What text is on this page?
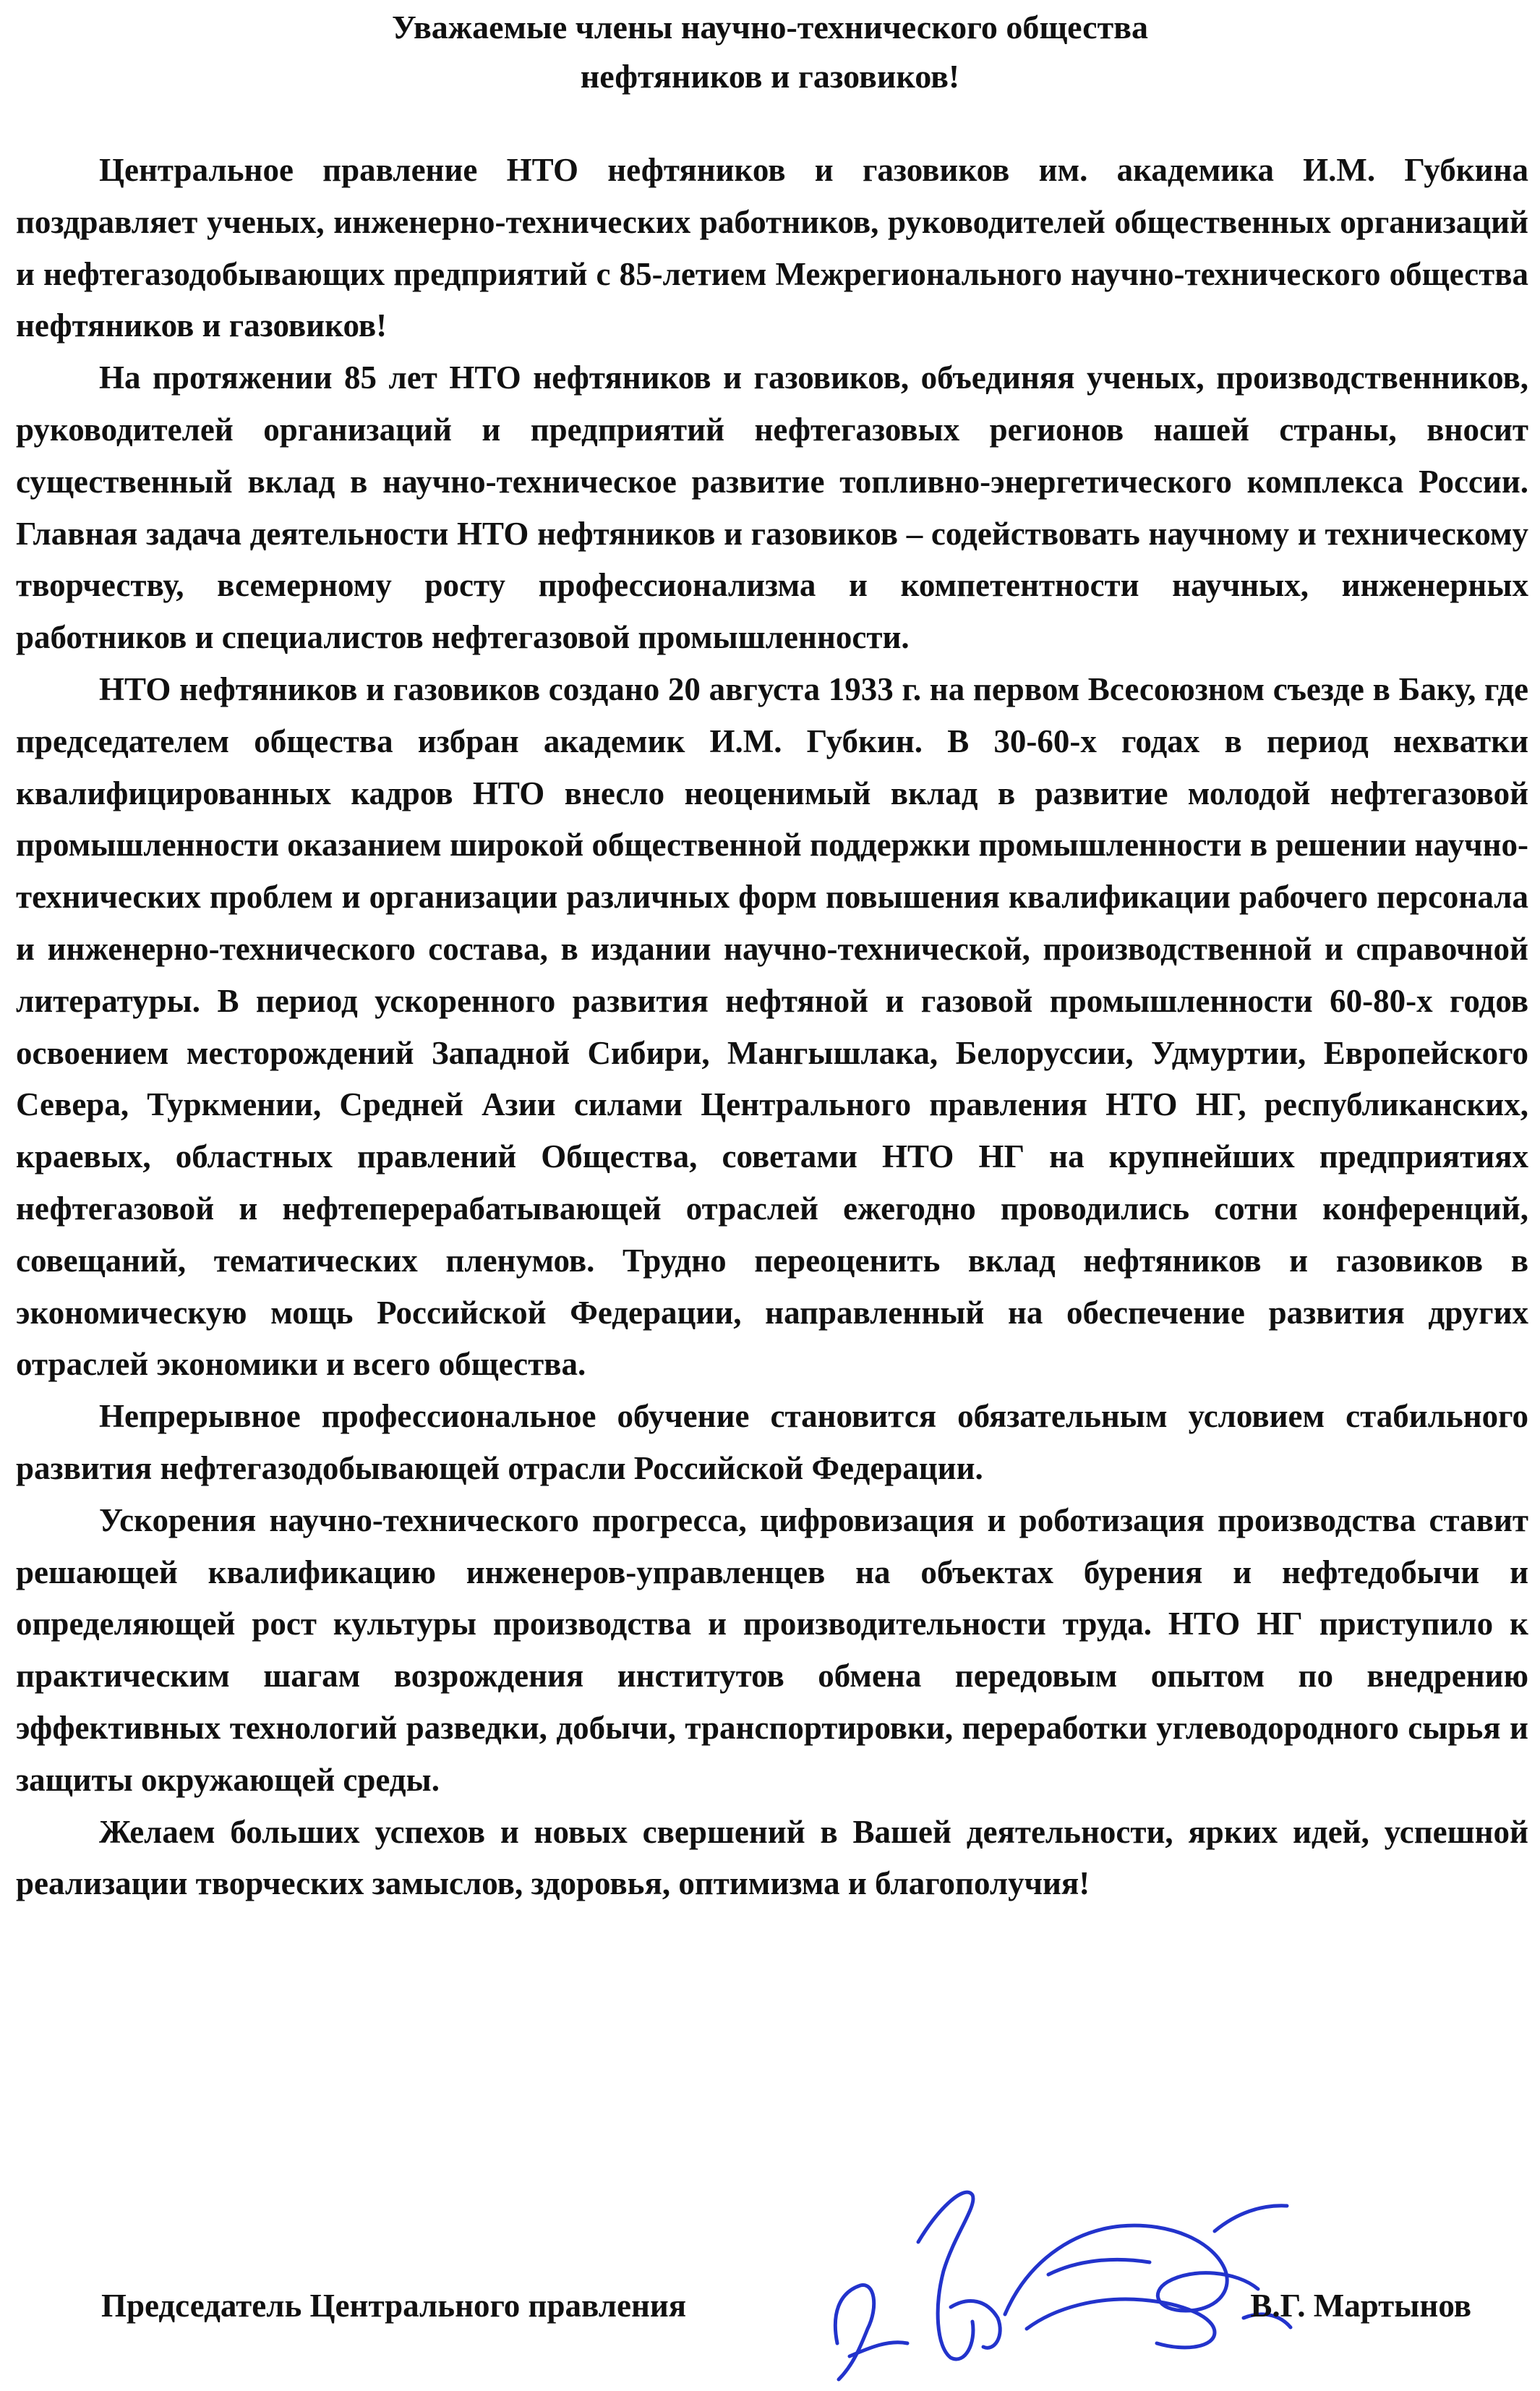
Уважаемые члены научно-технического общества
нефтяников и газовиков!

Центральное правление НТО нефтяников и газовиков им. академика И.М. Губкина поздравляет ученых, инженерно-технических работников, руководителей общественных организаций и нефтегазодобывающих предприятий с 85-летием Межрегионального научно-технического общества нефтяников и газовиков!

На протяжении 85 лет НТО нефтяников и газовиков, объединяя ученых, производственников, руководителей организаций и предприятий нефтегазовых регионов нашей страны, вносит существенный вклад в научно-техническое развитие топливно-энергетического комплекса России. Главная задача деятельности НТО нефтяников и газовиков – содействовать научному и техническому творчеству, всемерному росту профессионализма и компетентности научных, инженерных работников и специалистов нефтегазовой промышленности.

НТО нефтяников и газовиков создано 20 августа 1933 г. на первом Всесоюзном съезде в Баку, где председателем общества избран академик И.М. Губкин. В 30-60-х годах в период нехватки квалифицированных кадров НТО внесло неоценимый вклад в развитие молодой нефтегазовой промышленности оказанием широкой общественной поддержки промышленности в решении научно-технических проблем и организации различных форм повышения квалификации рабочего персонала и инженерно-технического состава, в издании научно-технической, производственной и справочной литературы. В период ускоренного развития нефтяной и газовой промышленности 60-80-х годов освоением месторождений Западной Сибири, Мангышлака, Белоруссии, Удмуртии, Европейского Севера, Туркмении, Средней Азии силами Центрального правления НТО НГ, республиканских, краевых, областных правлений Общества, советами НТО НГ на крупнейших предприятиях нефтегазовой и нефтеперерабатывающей отраслей ежегодно проводились сотни конференций, совещаний, тематических пленумов. Трудно переоценить вклад нефтяников и газовиков в экономическую мощь Российской Федерации, направленный на обеспечение развития других отраслей экономики и всего общества.

Непрерывное профессиональное обучение становится обязательным условием стабильного развития нефтегазодобывающей отрасли Российской Федерации.

Ускорения научно-технического прогресса, цифровизация и роботизация производства ставит решающей квалификацию инженеров-управленцев на объектах бурения и нефтедобычи и определяющей рост культуры производства и производительности труда. НТО НГ приступило к практическим шагам возрождения институтов обмена передовым опытом по внедрению эффективных технологий разведки, добычи, транспортировки, переработки углеводородного сырья и защиты окружающей среды.

Желаем больших успехов и новых свершений в Вашей деятельности, ярких идей, успешной реализации творческих замыслов, здоровья, оптимизма и благополучия!

Председатель Центрального правления	В.Г. Мартынов
